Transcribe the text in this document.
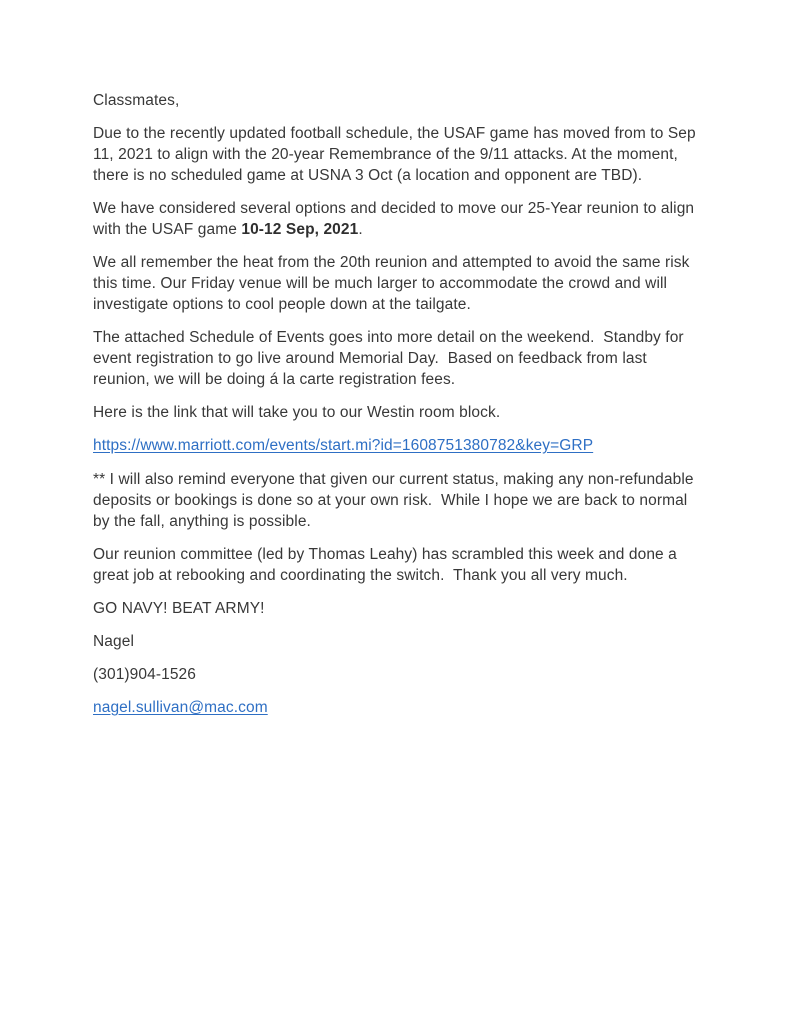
Classmates,

Due to the recently updated football schedule, the USAF game has moved from to Sep 11, 2021 to align with the 20-year Remembrance of the 9/11 attacks. At the moment, there is no scheduled game at USNA 3 Oct (a location and opponent are TBD).

We have considered several options and decided to move our 25-Year reunion to align with the USAF game 10-12 Sep, 2021.

We all remember the heat from the 20th reunion and attempted to avoid the same risk this time. Our Friday venue will be much larger to accommodate the crowd and will investigate options to cool people down at the tailgate.

The attached Schedule of Events goes into more detail on the weekend.  Standby for event registration to go live around Memorial Day.  Based on feedback from last reunion, we will be doing á la carte registration fees.

Here is the link that will take you to our Westin room block.

https://www.marriott.com/events/start.mi?id=1608751380782&key=GRP

** I will also remind everyone that given our current status, making any non-refundable deposits or bookings is done so at your own risk.  While I hope we are back to normal by the fall, anything is possible.

Our reunion committee (led by Thomas Leahy) has scrambled this week and done a great job at rebooking and coordinating the switch.  Thank you all very much.

GO NAVY! BEAT ARMY!

Nagel

(301)904-1526

nagel.sullivan@mac.com
